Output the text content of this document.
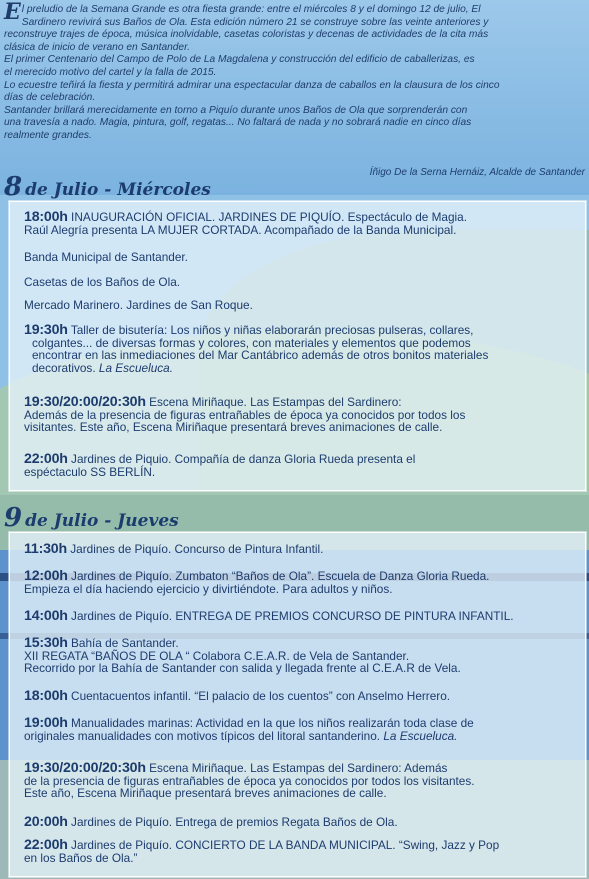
E l preludio de la Semana Grande es otra fiesta grande: entre el miércoles 8 y el domingo 12 de julio, El

Sardinero revivirá sus Baños de Ola. Esta edición número 21 se construye sobre las veinte anteriores y

reconstruye trajes de época, música inolvidable, casetas coloristas y decenas de actividades de la cita más

clásica de inicio de verano en Santander.

El primer Centenario del Campo de Polo de La Magdalena y construcción del edificio de caballerizas, es

el merecido motivo del cartel y la falla de 2015.

Lo ecuestre teñirá la fiesta y permitirá admirar una espectacular danza de caballos en la clausura de los cinco

días de celebración.

Santander brillará merecidamente en torno a Piquío durante unos Baños de Ola que sorprenderán con

una travesía a nado. Magia, pintura, golf, regatas... No faltará de nada y no sobrará nadie en cinco días

realmente grandes.

Íñigo De la Serna Hernáiz, Alcalde de Santander
8 de Julio - Miércoles
18:00h INAUGURACIÓN OFICIAL. JARDINES DE PIQUÍO. Espectáculo de Magia.
Raúl Alegría presenta LA MUJER CORTADA. Acompañado de la Banda Municipal.
Banda Municipal de Santander.
Casetas de los Baños de Ola.
Mercado Marinero. Jardines de San Roque.
19:30h Taller de bisutería: Los niños y niñas elaborarán preciosas pulseras, collares,
colgantes... de diversas formas y colores, con materiales y elementos que podemos
encontrar en las inmediaciones del Mar Cantábrico además de otros bonitos materiales
decorativos. La Escueluca.
19:30/20:00/20:30h Escena Miriñaque. Las Estampas del Sardinero:
Además de la presencia de figuras entrañables de época ya conocidos por todos los
visitantes. Este año, Escena Miriñaque presentará breves animaciones de calle.
22:00h Jardines de Piquio. Compañía de danza Gloria Rueda presenta el
espéctaculo SS BERLÍN.
9 de Julio - Jueves
11:30h Jardines de Piquío. Concurso de Pintura Infantil.
12:00h Jardines de Piquío. Zumbaton “Baños de Ola”. Escuela de Danza Gloria Rueda.
Empieza el día haciendo ejercicio y divirtiéndote. Para adultos y niños.
14:00h Jardines de Piquío. ENTREGA DE PREMIOS CONCURSO DE PINTURA INFANTIL.
15:30h Bahía de Santander.
XII REGATA “BAÑOS DE OLA “ Colabora C.E.A.R. de Vela de Santander.
Recorrido por la Bahía de Santander con salida y llegada frente al C.E.A.R de Vela.
18:00h Cuentacuentos infantil. “El palacio de los cuentos” con Anselmo Herrero.
19:00h Manualidades marinas: Actividad en la que los niños realizarán toda clase de
originales manualidades con motivos típicos del litoral santanderino. La Escueluca.
19:30/20:00/20:30h Escena Miriñaque. Las Estampas del Sardinero: Además
de la presencia de figuras entrañables de época ya conocidos por todos los visitantes.
Este año, Escena Miriñaque presentará breves animaciones de calle.
20:00h Jardines de Piquío. Entrega de premios Regata Baños de Ola.
22:00h Jardines de Piquío. CONCIERTO DE LA BANDA MUNICIPAL. “Swing, Jazz y Pop
en los Baños de Ola.”
